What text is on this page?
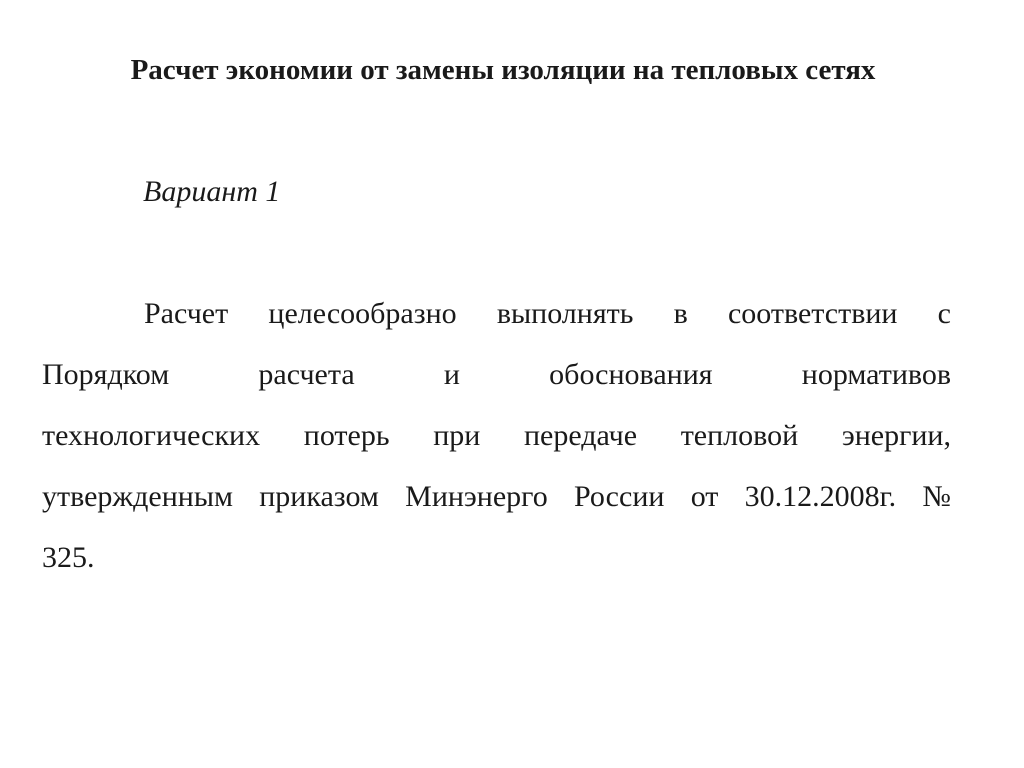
Расчет экономии от замены изоляции на тепловых сетях
Вариант 1
Расчет целесообразно выполнять в соответствии с
Порядком расчета и обоснования нормативов
технологических потерь при передаче тепловой энергии,
утвержденным приказом Минэнерго России от 30.12.2008г. №
325.
